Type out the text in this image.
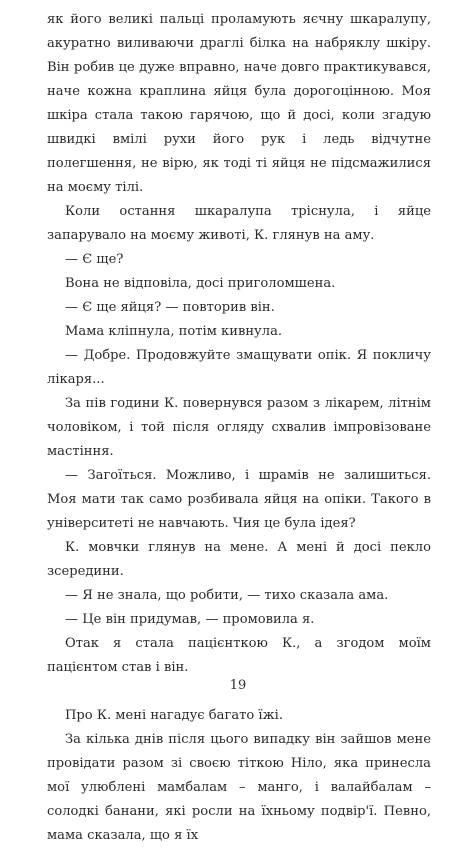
як його великі пальці проламують яєчну шкаралупу, акуратно виливаючи драглі білка на набряклу шкіру. Він робив це дуже вправно, наче довго практикувався, наче кожна краплина яйця була дорогоцінною. Моя шкіра стала такою гарячою, що й досі, коли згадую швидкі вмілі рухи його рук і ледь відчутне полегшення, не вірю, як тоді ті яйця не підсмажилися на моєму тілі.

Коли остання шкаралупа тріснула, і яйце запарувало на моєму животі, К. глянув на аму.

— Є ще?

Вона не відповіла, досі приголомшена.

— Є ще яйця? — повторив він.

Мама кліпнула, потім кивнула.

— Добре. Продовжуйте змащувати опік. Я покличу лікаря...

За пів години К. повернувся разом з лікарем, літнім чоловіком, і той після огляду схвалив імпровізоване мастіння.

— Загоїться. Можливо, і шрамів не залишиться. Моя мати так само розбивала яйця на опіки. Такого в університеті не навчають. Чия це була ідея?

К. мовчки глянув на мене. А мені й досі пекло зсередини.

— Я не знала, що робити, — тихо сказала ама.

— Це він придумав, — промовила я.

Отак я стала пацієнткою К., а згодом моїм пацієнтом став і він.

Про К. мені нагадує багато їжі.

За кілька днів після цього випадку він зайшов мене провідати разом зі своєю тіткою Ніло, яка принесла мої улюблені мамбалам – манго, і валайбалам – солодкі банани, які росли на їхньому подвір'ї. Певно, мама сказала, що я їх

19
